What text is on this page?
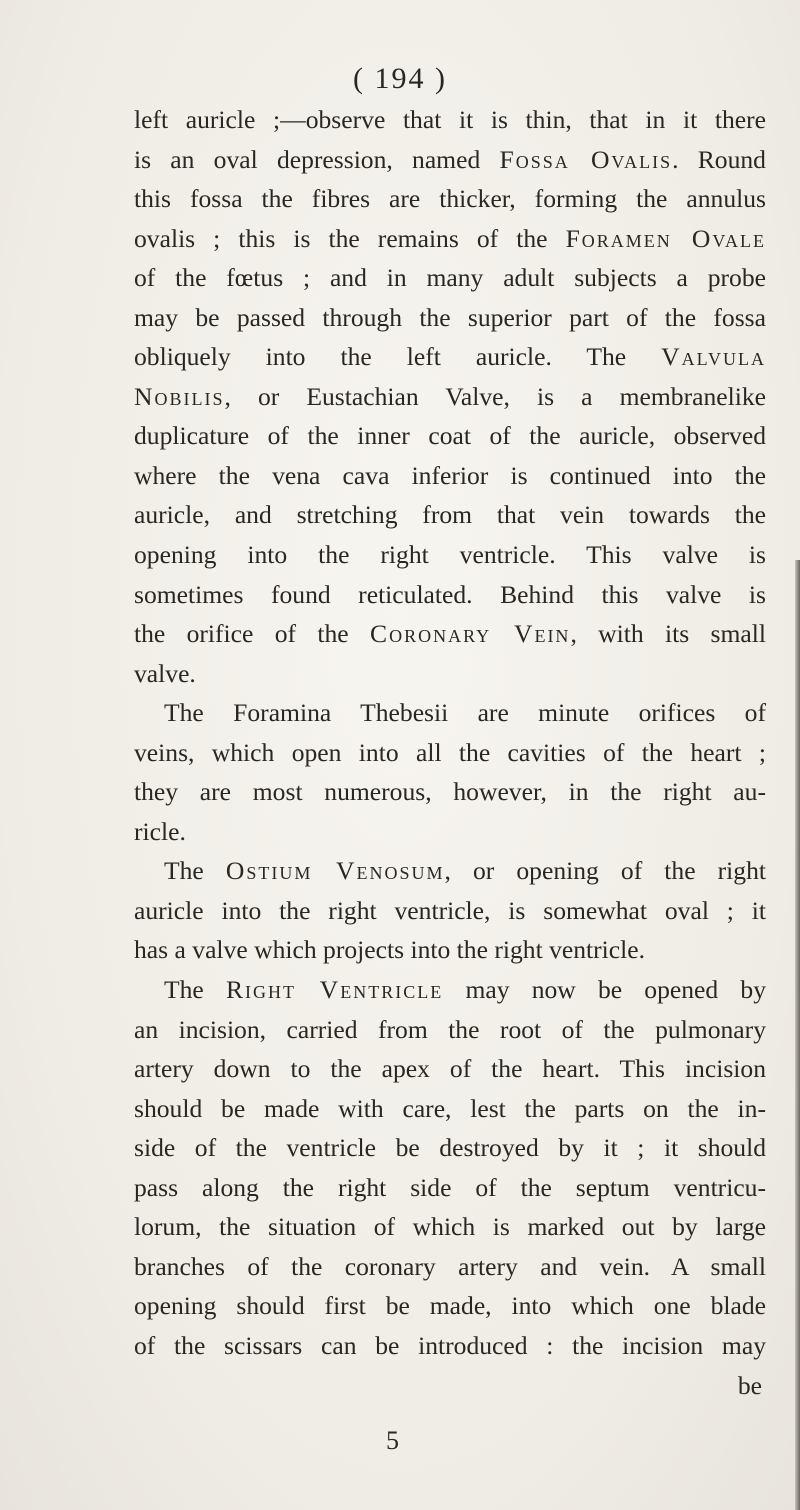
( 194 )
left auricle ;—observe that it is thin, that in it there
is an oval depression, named Fossa Ovalis. Round
this fossa the fibres are thicker, forming the annulus
ovalis ; this is the remains of the Foramen Ovale
of the fœtus ; and in many adult subjects a probe
may be passed through the superior part of the fossa
obliquely into the left auricle. The Valvula
Nobilis, or Eustachian Valve, is a membranelike
duplicature of the inner coat of the auricle, observed
where the vena cava inferior is continued into the
auricle, and stretching from that vein towards the
opening into the right ventricle. This valve is
sometimes found reticulated. Behind this valve is
the orifice of the Coronary Vein, with its small
valve.
The Foramina Thebesii are minute orifices of
veins, which open into all the cavities of the heart ;
they are most numerous, however, in the right au-
ricle.
The Ostium Venosum, or opening of the right
auricle into the right ventricle, is somewhat oval ; it
has a valve which projects into the right ventricle.
The Right Ventricle may now be opened by
an incision, carried from the root of the pulmonary
artery down to the apex of the heart. This incision
should be made with care, lest the parts on the in-
side of the ventricle be destroyed by it ; it should
pass along the right side of the septum ventricu-
lorum, the situation of which is marked out by large
branches of the coronary artery and vein. A small
opening should first be made, into which one blade
of the scissars can be introduced : the incision may
be
5
